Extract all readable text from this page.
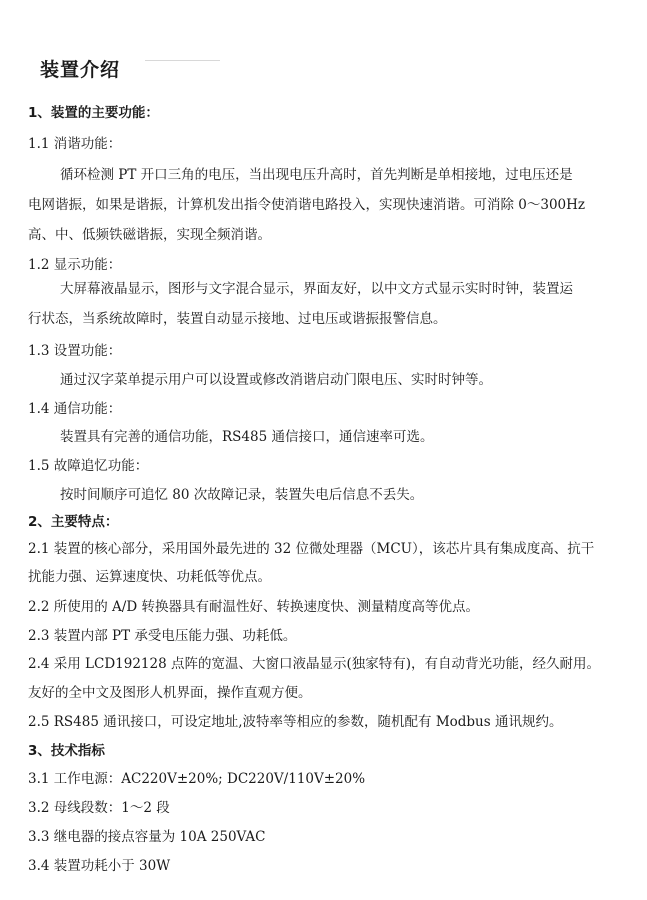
装置介绍
1、装置的主要功能：
1.1 消谐功能：
循环检测 PT 开口三角的电压，当出现电压升高时，首先判断是单相接地，过电压还是
电网谐振，如果是谐振，计算机发出指令使消谐电路投入，实现快速消谐。可消除 0～300Hz
高、中、低频铁磁谐振，实现全频消谐。
1.2 显示功能：
大屏幕液晶显示，图形与文字混合显示，界面友好，以中文方式显示实时时钟，装置运
行状态，当系统故障时，装置自动显示接地、过电压或谐振报警信息。
1.3 设置功能：
通过汉字菜单提示用户可以设置或修改消谐启动门限电压、实时时钟等。
1.4 通信功能：
装置具有完善的通信功能，RS485 通信接口，通信速率可选。
1.5 故障追忆功能：
按时间顺序可追忆 80 次故障记录，装置失电后信息不丢失。
2、主要特点：
2.1 装置的核心部分，采用国外最先进的 32 位微处理器（MCU），该芯片具有集成度高、抗干
扰能力强、运算速度快、功耗低等优点。
2.2 所使用的 A/D 转换器具有耐温性好、转换速度快、测量精度高等优点。
2.3 装置内部 PT 承受电压能力强、功耗低。
2.4 采用 LCD192128 点阵的宽温、大窗口液晶显示(独家特有)，有自动背光功能，经久耐用。
友好的全中文及图形人机界面，操作直观方便。
2.5 RS485 通讯接口，可设定地址,波特率等相应的参数，随机配有 Modbus 通讯规约。
3、技术指标
3.1 工作电源：AC220V±20%; DC220V/110V±20%
3.2 母线段数：1～2 段
3.3 继电器的接点容量为 10A 250VAC
3.4 装置功耗小于 30W
